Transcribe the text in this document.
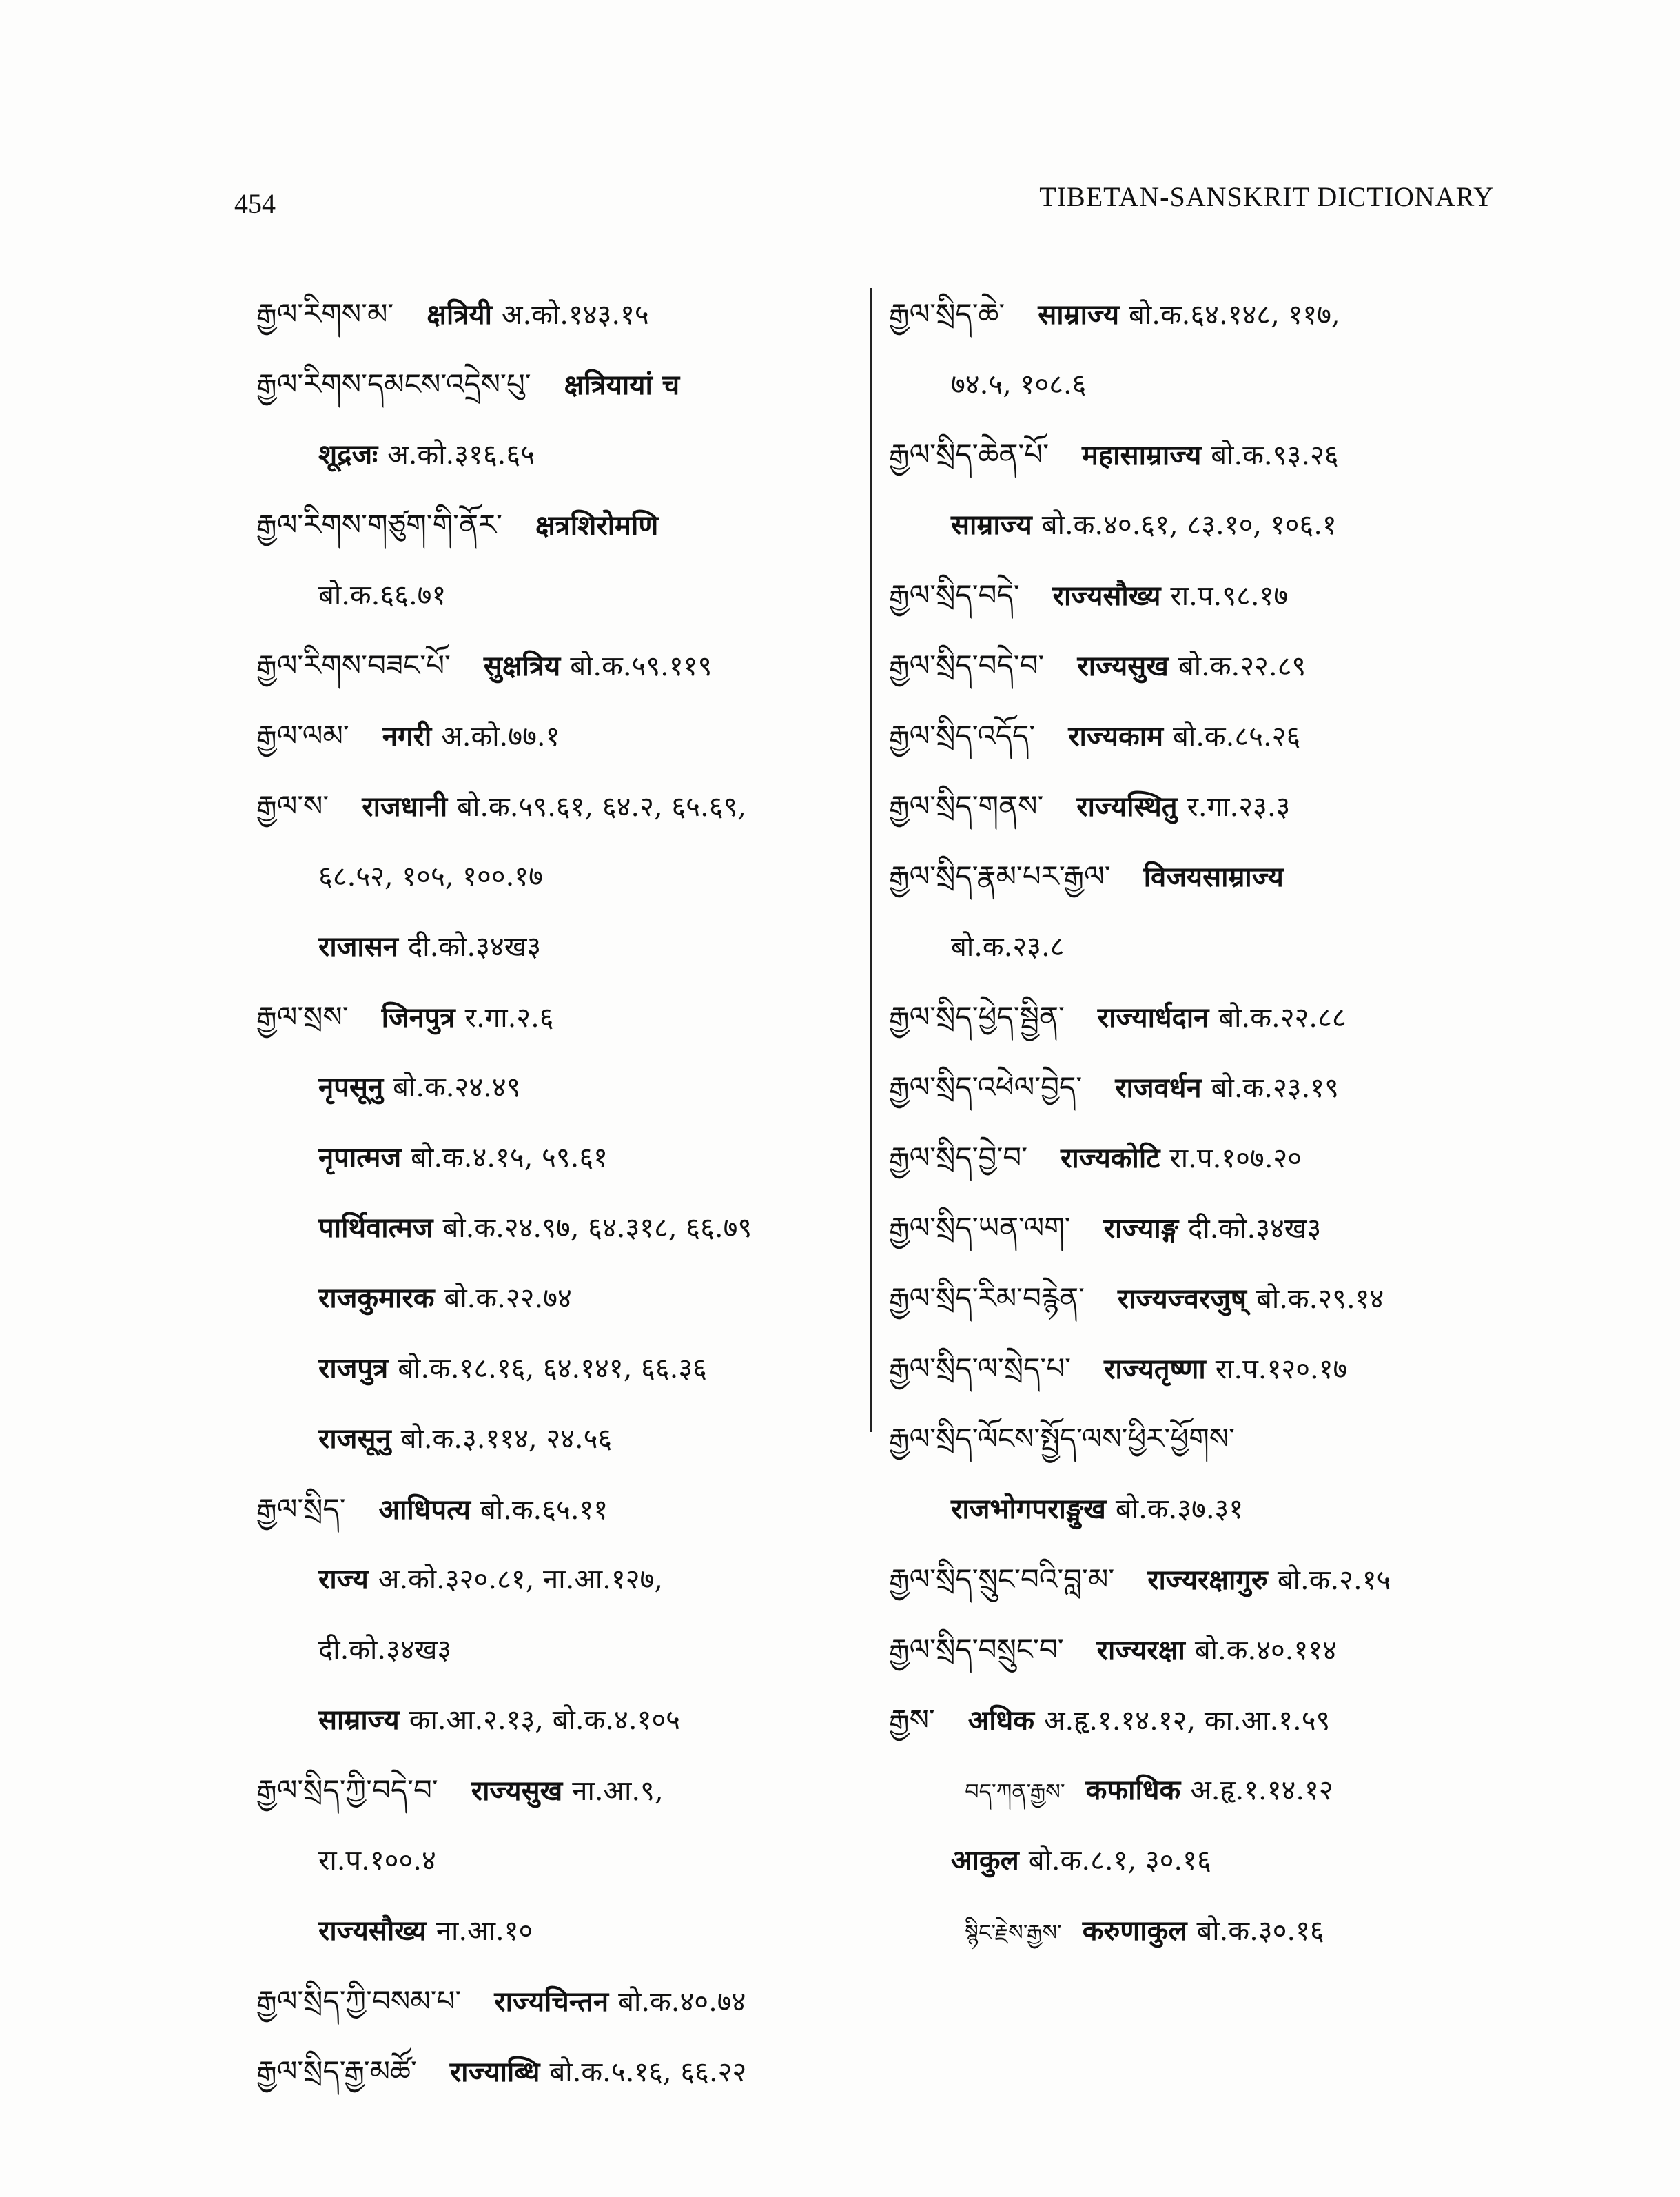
454	TIBETAN-SANSKRIT DICTIONARY
རྒྱལ་རིགས་མ་ क्षत्रियी अ.को.१४३.१५
རྒྱལ་རིགས་དམངས་འདྲེས་པུ་ क्षत्रियायां च
शूद्रजः अ.को.३१६.६५
རྒྱལ་རིགས་གཙུག་གི་ནོར་ क्षत्रशिरोमणि
बो.क.६६.७१
རྒྱལ་རིགས་བཟང་པོ་ सुक्षत्रिय बो.क.५९.११९
རྒྱལ་ལམ་ नगरी अ.को.७७.१
རྒྱལ་ས་ राजधानी बो.क.५९.६१, ६४.२, ६५.६९,
६८.५२, १०५, १००.१७
राजासन दी.को.३४ख३
རྒྱལ་སྲས་ जिनपुत्र र.गा.२.६
नृपसूनु बो.क.२४.४९
नृपात्मज बो.क.४.१५, ५९.६१
पार्थिवात्मज बो.क.२४.९७, ६४.३१८, ६६.७९
राजकुमारक बो.क.२२.७४
राजपुत्र बो.क.१८.१६, ६४.१४१, ६६.३६
राजसूनु बो.क.३.११४, २४.५६
རྒྱལ་སྲིད་ आधिपत्य बो.क.६५.११
राज्य अ.को.३२०.८१, ना.आ.१२७,
दी.को.३४ख३
साम्राज्य का.आ.२.१३, बो.क.४.१०५
རྒྱལ་སྲིད་ཀྱི་བདེ་བ་ राज्यसुख ना.आ.९,
रा.प.१००.४
राज्यसौख्य ना.आ.१०
རྒྱལ་སྲིད་ཀྱི་བསམ་པ་ राज्यचिन्तन बो.क.४०.७४
རྒྱལ་སྲིད་རྒྱ་མཚོ་ राज्याब्धि बो.क.५.१६, ६६.२२
རྒྱལ་སྲིད་ཆེ་ साम्राज्य बो.क.६४.१४८, ११७,
७४.५, १०८.६
རྒྱལ་སྲིད་ཆེན་པོ་ महासाम्राज्य बो.क.९३.२६
साम्राज्य बो.क.४०.६१, ८३.१०, १०६.१
རྒྱལ་སྲིད་བདེ་ राज्यसौख्य रा.प.९८.१७
རྒྱལ་སྲིད་བདེ་བ་ राज्यसुख बो.क.२२.८९
རྒྱལ་སྲིད་འདོད་ राज्यकाम बो.क.८५.२६
རྒྱལ་སྲིད་གནས་ राज्यस्थितु र.गा.२३.३
རྒྱལ་སྲིད་རྣམ་པར་རྒྱལ་ विजयसाम्राज्य
बो.क.२३.८
རྒྱལ་སྲིད་ཕྱེད་སྦྱིན་ राज्यार्धदान बो.क.२२.८८
རྒྱལ་སྲིད་འཕེལ་བྱེད་ राजवर्धन बो.क.२३.१९
རྒྱལ་སྲིད་བྱེ་བ་ राज्यकोटि रा.प.१०७.२०
རྒྱལ་སྲིད་ཡན་ལག་ राज्याङ्ग दी.को.३४ख३
རྒྱལ་སྲིད་རིམ་བརྙེན་ राज्यज्वरजुष् बो.क.२९.१४
རྒྱལ་སྲིད་ལ་སྲེད་པ་ राज्यतृष्णा रा.प.१२०.१७
རྒྱལ་སྲིད་ལོངས་སྤྱོད་ལས་ཕྱིར་ཕྱོགས་
राजभोगपराङ्मुख बो.क.३७.३१
རྒྱལ་སྲིད་སྲུང་བའི་བླ་མ་ राज्यरक्षागुरु बो.क.२.१५
རྒྱལ་སྲིད་བསྲུང་བ་ राज्यरक्षा बो.क.४०.११४
རྒྱས་ अधिक अ.हृ.१.१४.१२, का.आ.१.५९
བད་ཀན་རྒྱས་ कफाधिक अ.हृ.१.१४.१२
आकुल बो.क.८.१, ३०.१६
སྙིང་རྗེས་རྒྱས་ करुणाकुल बो.क.३०.१६
